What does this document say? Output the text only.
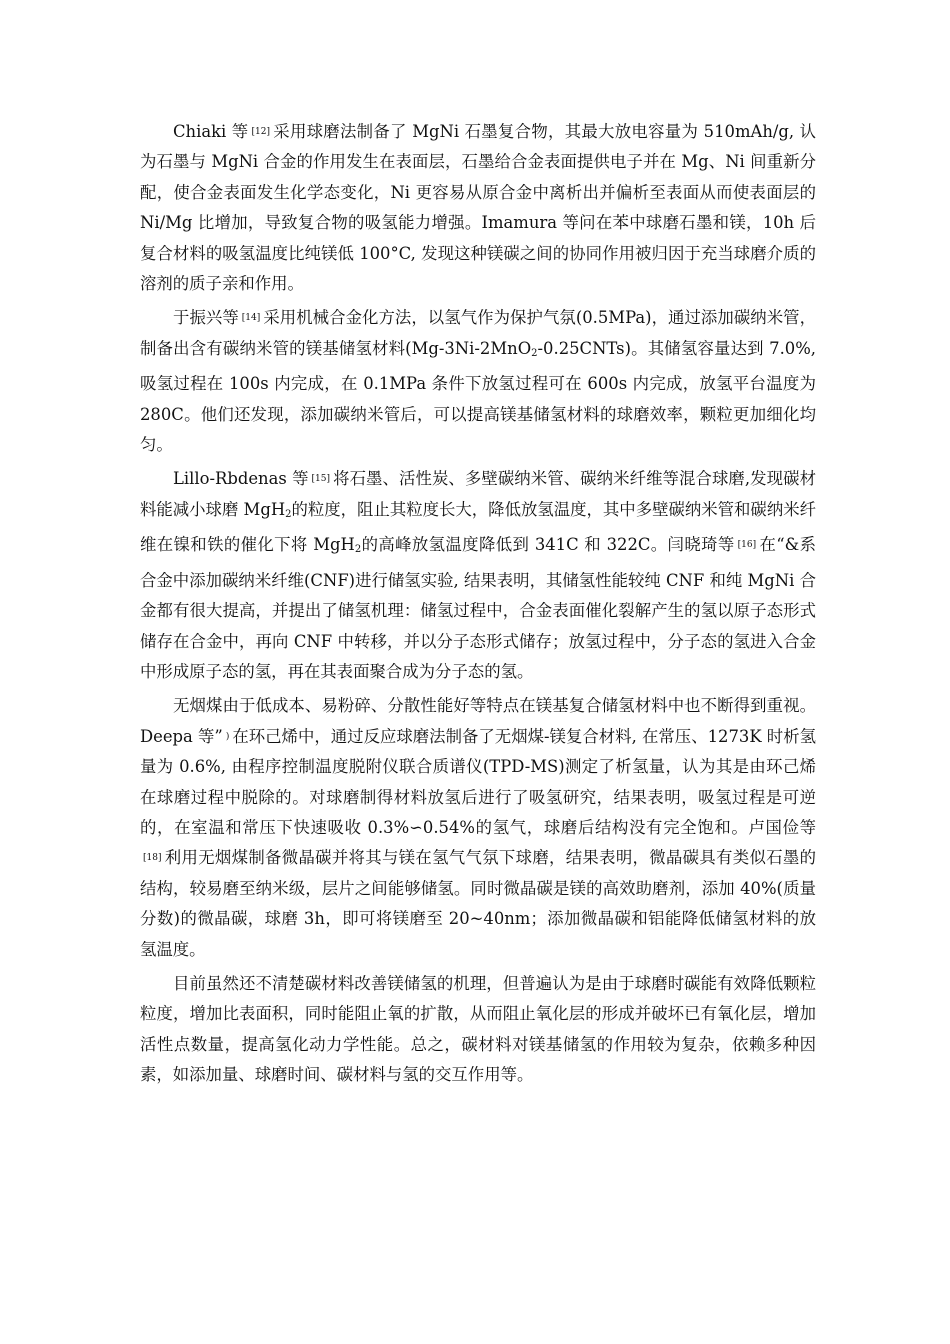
Chiaki 等 [12] 采用球磨法制备了 MgNi 石墨复合物，其最大放电容量为 510mAh/g, 认为石墨与 MgNi 合金的作用发生在表面层，石墨给合金表面提供电子并在 Mg、Ni 间重新分配，使合金表面发生化学态变化，Ni 更容易从原合金中离析出并偏析至表面从而使表面层的 Ni/Mg 比增加，导致复合物的吸氢能力增强。Imamura 等问在苯中球磨石墨和镁，10h 后复合材料的吸氢温度比纯镁低 100°C, 发现这种镁碳之间的协同作用被归因于充当球磨介质的溶剂的质子亲和作用。

于振兴等 [14] 采用机械合金化方法，以氢气作为保护气氛(0.5MPa)，通过添加碳纳米管，制备出含有碳纳米管的镁基储氢材料(Mg-3Ni-2MnO$_2$-0.25CNTs)。其储氢容量达到 7.0%,吸氢过程在 100s 内完成，在 0.1MPa 条件下放氢过程可在 600s 内完成，放氢平台温度为 280C。他们还发现，添加碳纳米管后，可以提高镁基储氢材料的球磨效率，颗粒更加细化均匀。

Lillo-Rbdenas 等 [15] 将石墨、活性炭、多壁碳纳米管、碳纳米纤维等混合球磨,发现碳材料能减小球磨 MgH$_2$的粒度，阻止其粒度长大，降低放氢温度，其中多壁碳纳米管和碳纳米纤维在镍和铁的催化下将 MgH$_2$的高峰放氢温度降低到 341C 和 322C。闫晓琦等 [16] 在“&系合金中添加碳纳米纤维(CNF)进行储氢实验, 结果表明，其储氢性能较纯 CNF 和纯 MgNi 合金都有很大提高，并提出了储氢机理：储氢过程中，合金表面催化裂解产生的氢以原子态形式储存在合金中，再向 CNF 中转移，并以分子态形式储存；放氢过程中，分子态的氢进入合金中形成原子态的氢，再在其表面聚合成为分子态的氢。

无烟煤由于低成本、易粉碎、分散性能好等特点在镁基复合储氢材料中也不断得到重视。Deepa 等” ) 在环己烯中，通过反应球磨法制备了无烟煤-镁复合材料, 在常压、1273K 时析氢量为 0.6%, 由程序控制温度脱附仪联合质谱仪(TPD-MS)测定了析氢量，认为其是由环己烯在球磨过程中脱除的。对球磨制得材料放氢后进行了吸氢研究，结果表明，吸氢过程是可逆的，在室温和常压下快速吸收 0.3%∽0.54%的氢气，球磨后结构没有完全饱和。卢国俭等[18] 利用无烟煤制备微晶碳并将其与镁在氢气气氛下球磨，结果表明，微晶碳具有类似石墨的结构，较易磨至纳米级，层片之间能够储氢。同时微晶碳是镁的高效助磨剂，添加 40%(质量分数)的微晶碳，球磨 3h，即可将镁磨至 20~40nm；添加微晶碳和铝能降低储氢材料的放氢温度。

目前虽然还不清楚碳材料改善镁储氢的机理，但普遍认为是由于球磨时碳能有效降低颗粒粒度，增加比表面积，同时能阻止氧的扩散，从而阻止氧化层的形成并破坏已有氧化层，增加活性点数量，提高氢化动力学性能。总之，碳材料对镁基储氢的作用较为复杂，依赖多种因素，如添加量、球磨时间、碳材料与氢的交互作用等。
